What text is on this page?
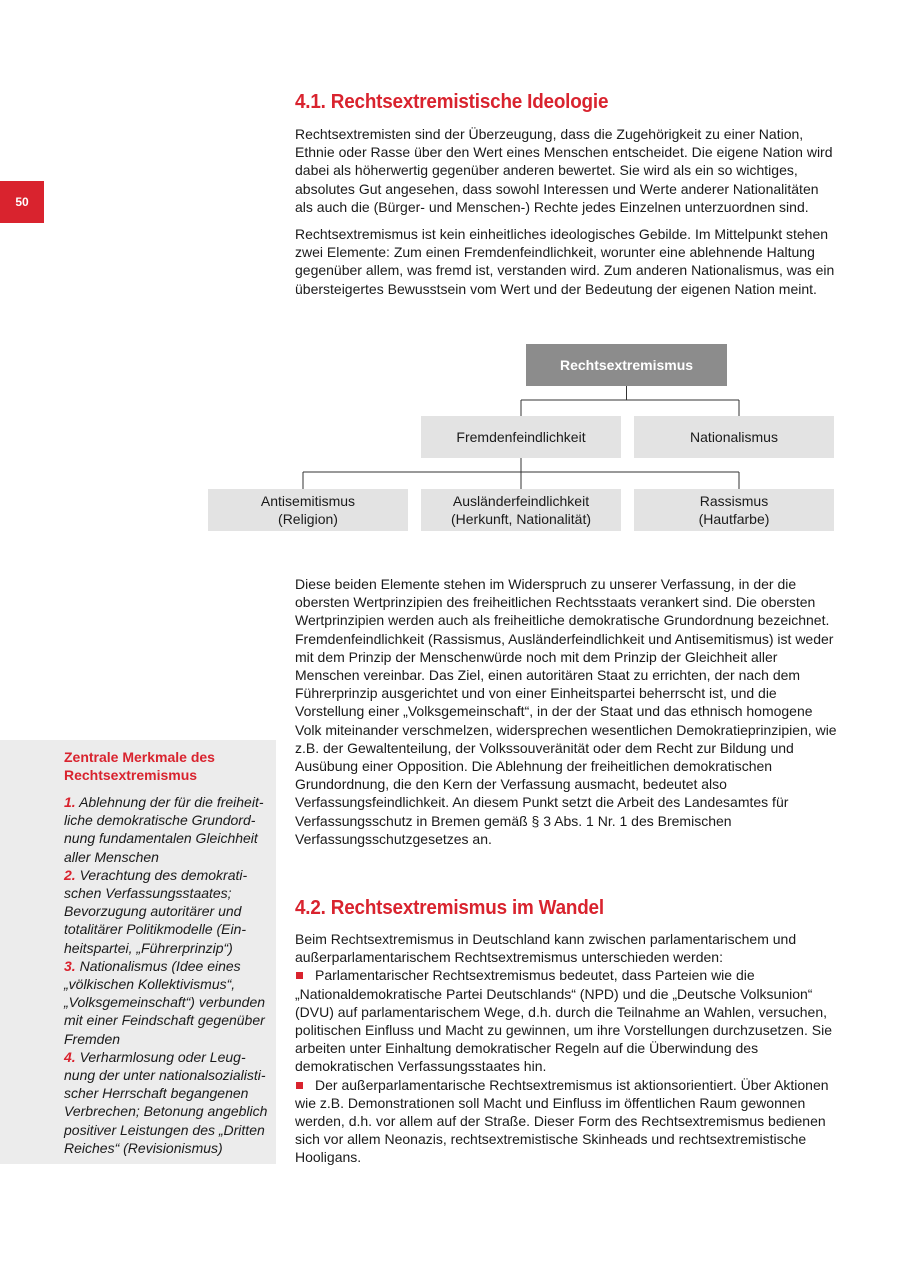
50
4.1. Rechtsextremistische Ideologie

Rechtsextremisten sind der Überzeugung, dass die Zugehörigkeit zu einer Nation, Ethnie oder Rasse über den Wert eines Menschen entscheidet. Die eigene Nation wird dabei als höherwertig gegenüber anderen bewertet. Sie wird als ein so wichtiges, absolutes Gut angesehen, dass sowohl Interessen und Werte anderer Nationalitäten als auch die (Bürger- und Menschen-) Rechte jedes Einzelnen unterzuordnen sind.

Rechtsextremismus ist kein einheitliches ideologisches Gebilde. Im Mittelpunkt stehen zwei Elemente: Zum einen Fremdenfeindlichkeit, worunter eine ablehnende Haltung gegenüber allem, was fremd ist, verstanden wird. Zum anderen Nationalismus, was ein übersteigertes Bewusstsein vom Wert und der Bedeutung der eigenen Nation meint.

Rechtsextremismus
Fremdenfeindlichkeit	Nationalismus
Antisemitismus
(Religion)
Ausländerfeindlichkeit
(Herkunft, Nationalität)
Rassismus
(Hautfarbe)

Diese beiden Elemente stehen im Widerspruch zu unserer Verfassung, in der die obersten Wertprinzipien des freiheitlichen Rechtsstaats verankert sind. Die obersten Wertprinzipien werden auch als freiheitliche demokratische Grundordnung bezeichnet. Fremdenfeindlichkeit (Rassismus, Ausländerfeindlichkeit und Antisemitismus) ist weder mit dem Prinzip der Menschenwürde noch mit dem Prinzip der Gleichheit aller Menschen vereinbar. Das Ziel, einen autoritären Staat zu errichten, der nach dem Führerprinzip ausgerichtet und von einer Einheitspartei beherrscht ist, und die Vorstellung einer „Volksgemeinschaft“, in der der Staat und das ethnisch homogene Volk miteinander verschmelzen, widersprechen wesentlichen Demokratieprinzipien, wie z.B. der Gewaltenteilung, der Volkssouveränität oder dem Recht zur Bildung und Ausübung einer Opposition. Die Ablehnung der freiheitlichen demokratischen Grundordnung, die den Kern der Verfassung ausmacht, bedeutet also Verfassungsfeindlichkeit. An diesem Punkt setzt die Arbeit des Landesamtes für Verfassungsschutz in Bremen gemäß § 3 Abs. 1 Nr. 1 des Bremischen Verfassungsschutzgesetzes an.

4.2. Rechtsextremismus im Wandel

Beim Rechtsextremismus in Deutschland kann zwischen parlamentarischem und außerparlamentarischem Rechtsextremismus unterschieden werden:

Parlamentarischer Rechtsextremismus bedeutet, dass Parteien wie die „Nationaldemokratische Partei Deutschlands“ (NPD) und die „Deutsche Volksunion“ (DVU) auf parlamentarischem Wege, d.h. durch die Teilnahme an Wahlen, versuchen, politischen Einfluss und Macht zu gewinnen, um ihre Vorstellungen durchzusetzen. Sie arbeiten unter Einhaltung demokratischer Regeln auf die Überwindung des demokratischen Verfassungsstaates hin.
Der außerparlamentarische Rechtsextremismus ist aktionsorientiert. Über Aktionen wie z.B. Demonstrationen soll Macht und Einfluss im öffentlichen Raum gewonnen werden, d.h. vor allem auf der Straße. Dieser Form des Rechtsextremismus bedienen sich vor allem Neonazis, rechtsextremistische Skinheads und rechtsextremistische Hooligans.

Zentrale Merkmale des Rechtsextremismus

1. Ablehnung der für die freiheit-
liche demokratische Grundord-
nung fundamentalen Gleichheit
aller Menschen

2. Verachtung des demokrati-
schen Verfassungsstaates;
Bevorzugung autoritärer und
totalitärer Politikmodelle (Ein-
heitspartei, „Führerprinzip“)

3. Nationalismus (Idee eines
„völkischen Kollektivismus“,
„Volksgemeinschaft“) verbunden
mit einer Feindschaft gegenüber
Fremden

4. Verharmlosung oder Leug-
nung der unter nationalsozialisti-
scher Herrschaft begangenen
Verbrechen; Betonung angeblich
positiver Leistungen des „Dritten
Reiches“ (Revisionismus)
